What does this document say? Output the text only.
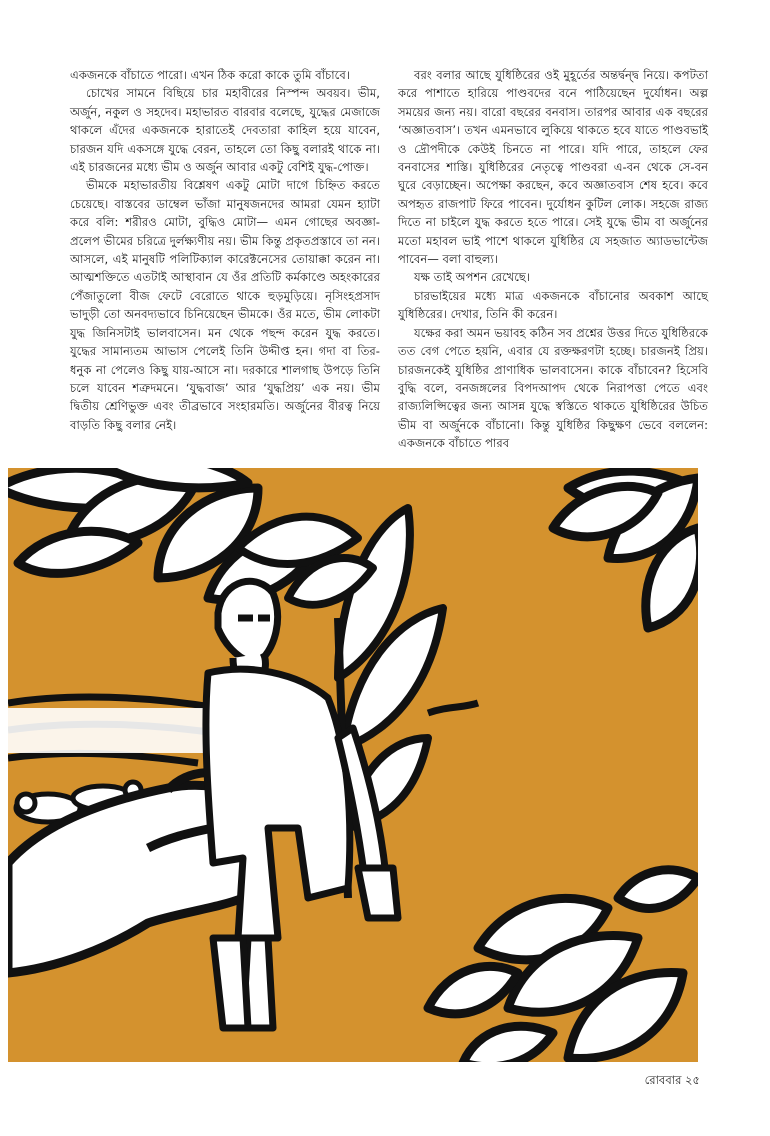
একজনকে বাঁচাতে পারো। এখন ঠিক করো কাকে তুমি বাঁচাবে।

চোখের সামনে বিছিয়ে চার মহাবীরের নিস্পন্দ অবয়ব। ভীম, অর্জুন, নকুল ও সহদেব। মহাভারত বারবার বলেছে, যুদ্ধের মেজাজে থাকলে এঁদের একজনকে হারাতেই দেবতারা কাহিল হয়ে যাবেন, চারজন যদি একসঙ্গে যুদ্ধে বেরন, তাহলে তো কিছু বলারই থাকে না। এই চারজনের মধ্যে ভীম ও অর্জুন আবার একটু বেশিই যুদ্ধ-পোক্ত।

ভীমকে মহাভারতীয় বিশ্লেষণ একটু মোটা দাগে চিহ্নিত করতে চেয়েছে। বাস্তবের ডাম্বেল ভাঁজা মানুষজনদের আমরা যেমন হ্যাটা করে বলি: শরীরও মোটা, বুদ্ধিও মোটা— এমন গোছের অবজ্ঞা-প্রলেপ ভীমের চরিত্রে দুর্লক্ষ্যণীয় নয়। ভীম কিন্তু প্রকৃতপ্রস্তাবে তা নন। আসলে, এই মানুষটি পলিটিক্যাল কারেক্টনেসের তোয়াক্কা করেন না। আত্মশক্তিতে এতটাই আস্থাবান যে ওঁর প্রতিটি কর্মকাণ্ডে অহংকারের পেঁজাতুলো বীজ ফেটে বেরোতে থাকে হুড়মুড়িয়ে। নৃসিংহপ্রসাদ ভাদুড়ী তো অনবদ্যভাবে চিনিয়েছেন ভীমকে। ওঁর মতে, ভীম লোকটা যুদ্ধ জিনিসটাই ভালবাসেন। মন থেকে পছন্দ করেন যুদ্ধ করতে। যুদ্ধের সামান্যতম আভাস পেলেই তিনি উদ্দীপ্ত হন। গদা বা তির-ধনুক না পেলেও কিছু যায়-আসে না। দরকারে শালগাছ উপড়ে তিনি চলে যাবেন শত্রুদমনে। ‘যুদ্ধবাজ’ আর ‘যুদ্ধপ্রিয়’ এক নয়। ভীম দ্বিতীয় শ্রেণিভুক্ত এবং তীব্রভাবে সংহারমতি। অর্জুনের বীরত্ব নিয়ে বাড়তি কিছু বলার নেই।

বরং বলার আছে যুধিষ্ঠিরের ওই মুহূর্তের অন্তর্দ্বন্দ্ব নিয়ে। কপটতা করে পাশাতে হারিয়ে পাণ্ডবদের বনে পাঠিয়েছেন দুর্যোধন। অল্প সময়ের জন্য নয়। বারো বছরের বনবাস। তারপর আবার এক বছরের ‘অজ্ঞাতবাস’। তখন এমনভাবে লুকিয়ে থাকতে হবে যাতে পাণ্ডবভাই ও দ্রৌপদীকে কেউই চিনতে না পারে। যদি পারে, তাহলে ফের বনবাসের শাস্তি। যুধিষ্ঠিরের নেতৃত্বে পাণ্ডবরা এ-বন থেকে সে-বন ঘুরে বেড়াচ্ছেন। অপেক্ষা করছেন, কবে অজ্ঞাতবাস শেষ হবে। কবে অপহৃত রাজপাট ফিরে পাবেন। দুর্যোধন কুটিল লোক। সহজে রাজ্য দিতে না চাইলে যুদ্ধ করতে হতে পারে। সেই যুদ্ধে ভীম বা অর্জুনের মতো মহাবল ভাই পাশে থাকলে যুধিষ্ঠির যে সহজাত অ্যাডভান্টেজ পাবেন— বলা বাহুল্য।

যক্ষ তাই অপশন রেখেছে।

চারভাইয়ের মধ্যে মাত্র একজনকে বাঁচানোর অবকাশ আছে যুধিষ্ঠিরের। দেখার, তিনি কী করেন।

যক্ষের করা অমন ভয়াবহ কঠিন সব প্রশ্নের উত্তর দিতে যুধিষ্ঠিরকে তত বেগ পেতে হয়নি, এবার যে রক্তক্ষরণটা হচ্ছে। চারজনই প্রিয়। চারজনকেই যুধিষ্ঠির প্রাণাধিক ভালবাসেন। কাকে বাঁচাবেন? হিসেবি বুদ্ধি বলে, বনজঙ্গলের বিপদআপদ থেকে নিরাপত্তা পেতে এবং রাজ্যলিপ্সিত্বের জন্য আসন্ন যুদ্ধে স্বস্তিতে থাকতে যুধিষ্ঠিরের উচিত ভীম বা অর্জুনকে বাঁচানো। কিন্তু যুধিষ্ঠির কিছুক্ষণ ভেবে বললেন: একজনকে বাঁচাতে পারব

রোববার ২৫
